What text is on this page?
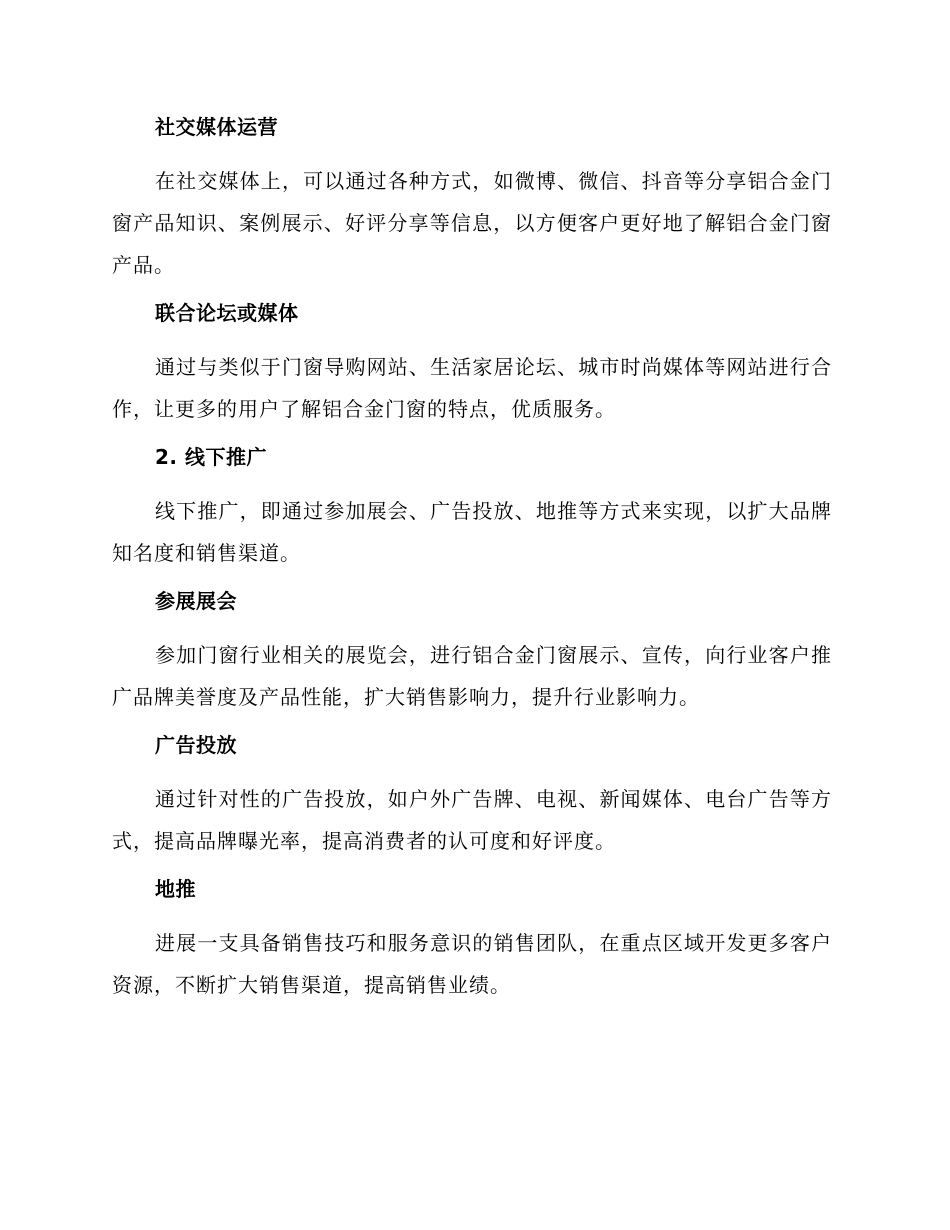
社交媒体运营

在社交媒体上，可以通过各种方式，如微博、微信、抖音等分享铝合金门窗产品知识、案例展示、好评分享等信息，以方便客户更好地了解铝合金门窗产品。

联合论坛或媒体

通过与类似于门窗导购网站、生活家居论坛、城市时尚媒体等网站进行合作，让更多的用户了解铝合金门窗的特点，优质服务。

2. 线下推广

线下推广，即通过参加展会、广告投放、地推等方式来实现，以扩大品牌知名度和销售渠道。

参展展会

参加门窗行业相关的展览会，进行铝合金门窗展示、宣传，向行业客户推广品牌美誉度及产品性能，扩大销售影响力，提升行业影响力。

广告投放

通过针对性的广告投放，如户外广告牌、电视、新闻媒体、电台广告等方式，提高品牌曝光率，提高消费者的认可度和好评度。

地推

进展一支具备销售技巧和服务意识的销售团队，在重点区域开发更多客户资源，不断扩大销售渠道，提高销售业绩。
